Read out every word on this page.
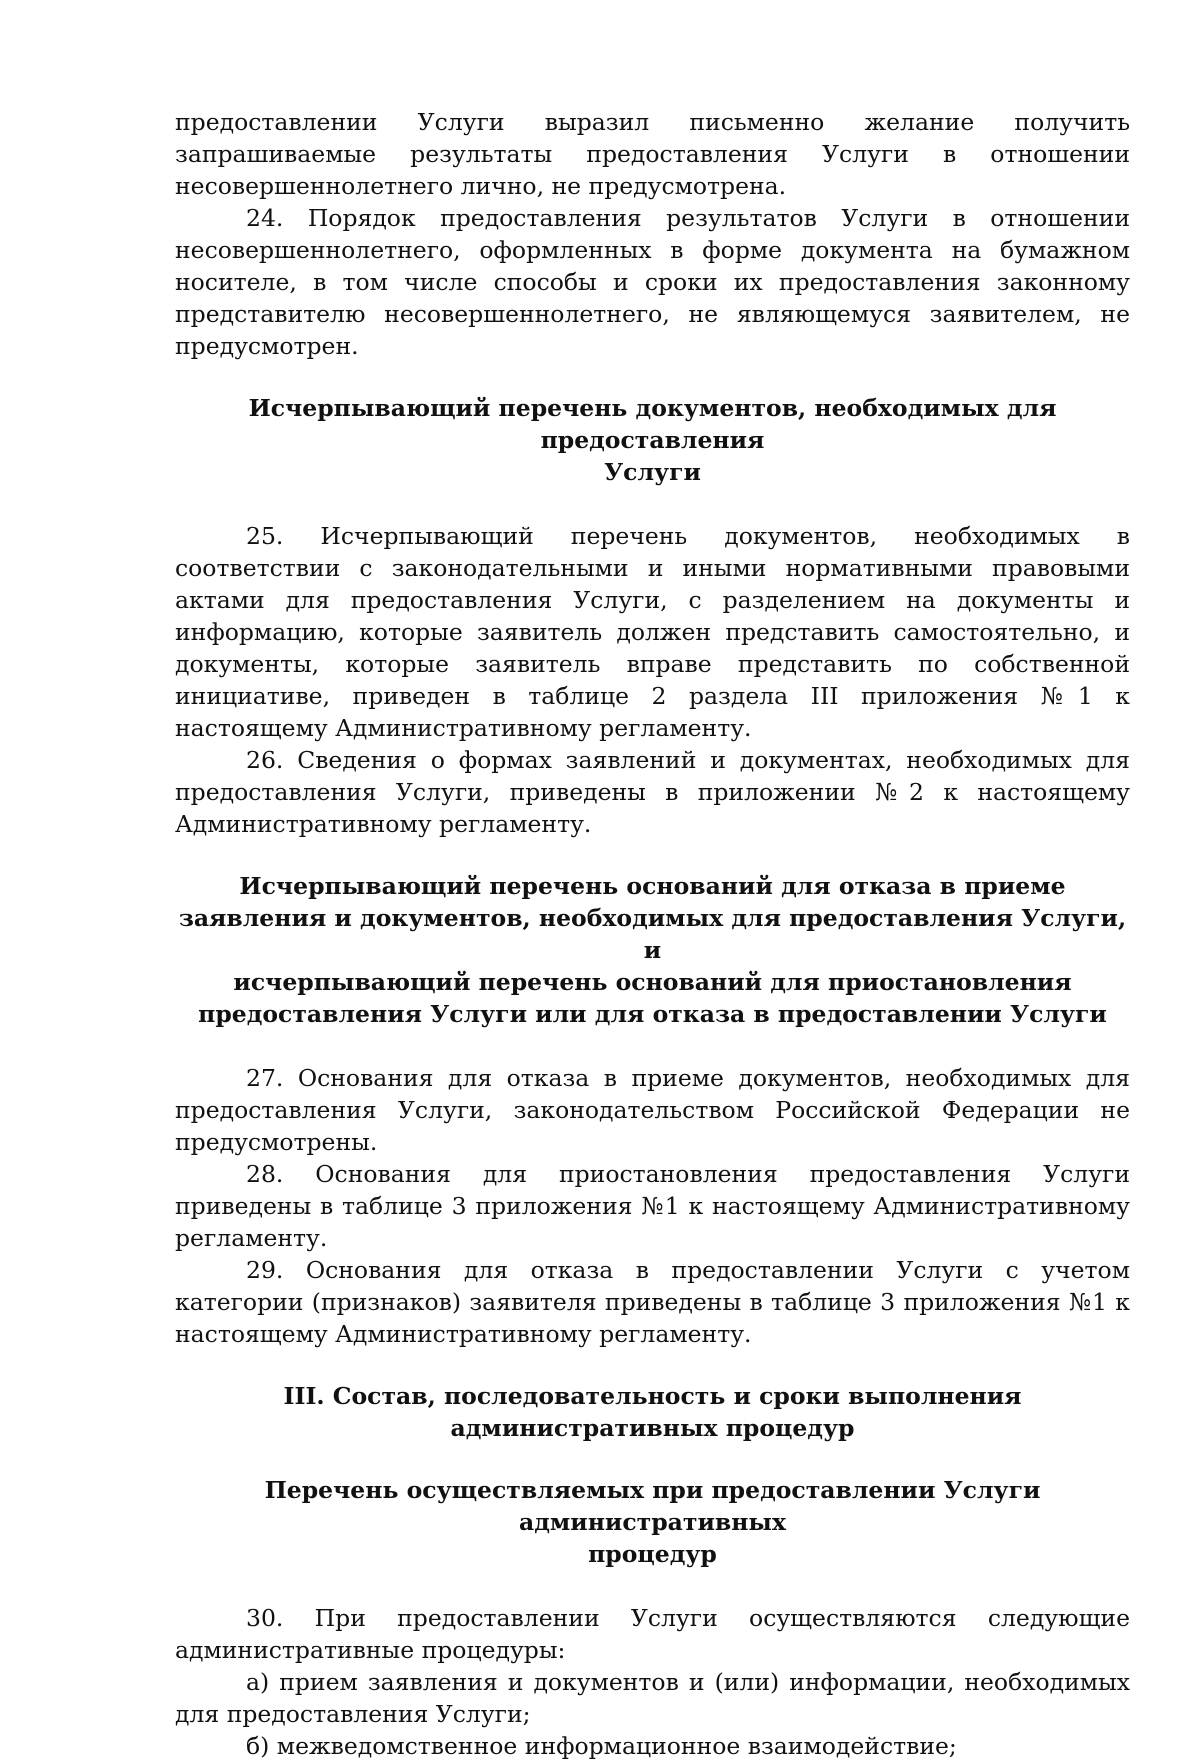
предоставлении Услуги выразил письменно желание получить запрашиваемые результаты предоставления Услуги в отношении несовершеннолетнего лично, не предусмотрена.

24. Порядок предоставления результатов Услуги в отношении несовершеннолетнего, оформленных в форме документа на бумажном носителе, в том числе способы и сроки их предоставления законному представителю несовершеннолетнего, не являющемуся заявителем, не предусмотрен.

Исчерпывающий перечень документов, необходимых для предоставления
Услуги

25. Исчерпывающий перечень документов, необходимых в соответствии с законодательными и иными нормативными правовыми актами для предоставления Услуги, с разделением на документы и информацию, которые заявитель должен представить самостоятельно, и документы, которые заявитель вправе представить по собственной инициативе, приведен в таблице 2 раздела III приложения №1 к настоящему Административному регламенту.

26. Сведения о формах заявлений и документах, необходимых для предоставления Услуги, приведены в приложении №2 к настоящему Административному регламенту.

Исчерпывающий перечень оснований для отказа в приеме
заявления и документов, необходимых для предоставления Услуги, и
исчерпывающий перечень оснований для приостановления
предоставления Услуги или для отказа в предоставлении Услуги

27. Основания для отказа в приеме документов, необходимых для предоставления Услуги, законодательством Российской Федерации не предусмотрены.

28. Основания для приостановления предоставления Услуги приведены в таблице 3 приложения №1 к настоящему Административному регламенту.

29. Основания для отказа в предоставлении Услуги с учетом категории (признаков) заявителя приведены в таблице 3 приложения №1 к настоящему Административному регламенту.

III. Состав, последовательность и сроки выполнения
административных процедур
Перечень осуществляемых при предоставлении Услуги административных
процедур

30. При предоставлении Услуги осуществляются следующие административные процедуры:

а) прием заявления и документов и (или) информации, необходимых для предоставления Услуги;

б) межведомственное информационное взаимодействие;
